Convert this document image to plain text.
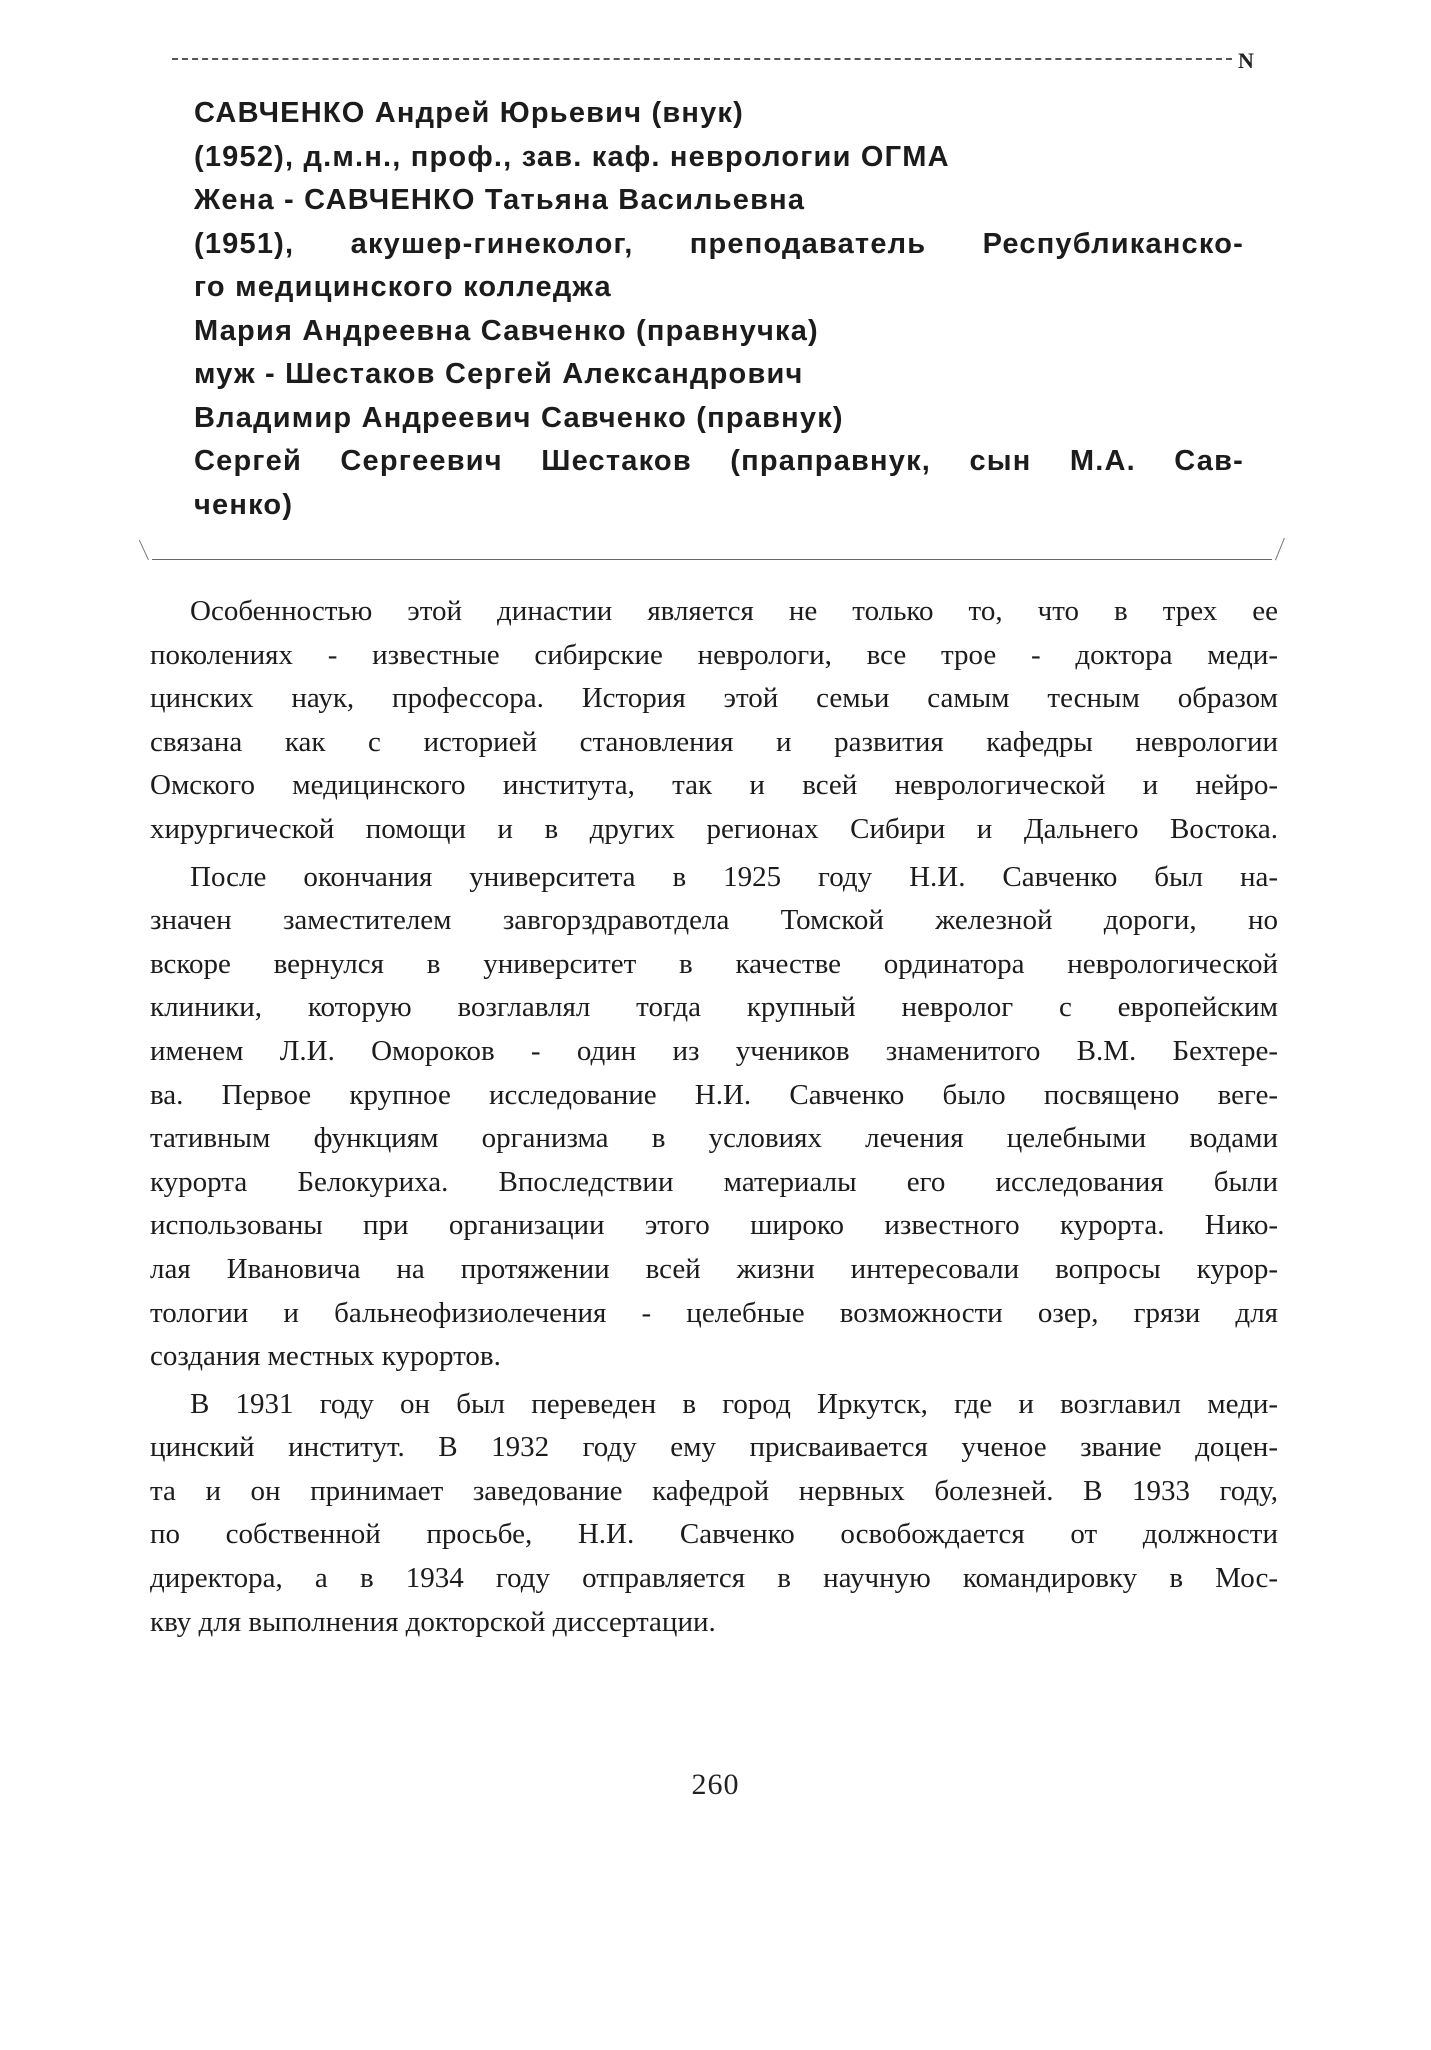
N
САВЧЕНКО Андрей Юрьевич (внук)
(1952), д.м.н., проф., зав. каф. неврологии ОГМА
Жена - САВЧЕНКО Татьяна Васильевна
(1951), акушер-гинеколог, преподаватель Республиканско-
го медицинского колледжа
Мария Андреевна Савченко (правнучка)
муж - Шестаков Сергей Александрович
Владимир Андреевич Савченко (правнук)
Сергей Сергеевич Шестаков (праправнук, сын М.А. Сав-
ченко)
Особенностью этой династии является не только то, что в трех ее
поколениях - известные сибирские неврологи, все трое - доктора меди-
цинских наук, профессора. История этой семьи самым тесным образом
связана как с историей становления и развития кафедры неврологии
Омского медицинского института, так и всей неврологической и нейро-
хирургической помощи и в других регионах Сибири и Дальнего Востока.
После окончания университета в 1925 году Н.И. Савченко был на-
значен заместителем завгорздравотдела Томской железной дороги, но
вскоре вернулся в университет в качестве ординатора неврологической
клиники, которую возглавлял тогда крупный невролог с европейским
именем Л.И. Омороков - один из учеников знаменитого В.М. Бехтере-
ва. Первое крупное исследование Н.И. Савченко было посвящено веге-
тативным функциям организма в условиях лечения целебными водами
курорта Белокуриха. Впоследствии материалы его исследования были
использованы при организации этого широко известного курорта. Нико-
лая Ивановича на протяжении всей жизни интересовали вопросы курор-
тологии и бальнеофизиолечения - целебные возможности озер, грязи для
создания местных курортов.
В 1931 году он был переведен в город Иркутск, где и возглавил меди-
цинский институт. В 1932 году ему присваивается ученое звание доцен-
та и он принимает заведование кафедрой нервных болезней. В 1933 году,
по собственной просьбе, Н.И. Савченко освобождается от должности
директора, а в 1934 году отправляется в научную командировку в Мос-
кву для выполнения докторской диссертации.
260
